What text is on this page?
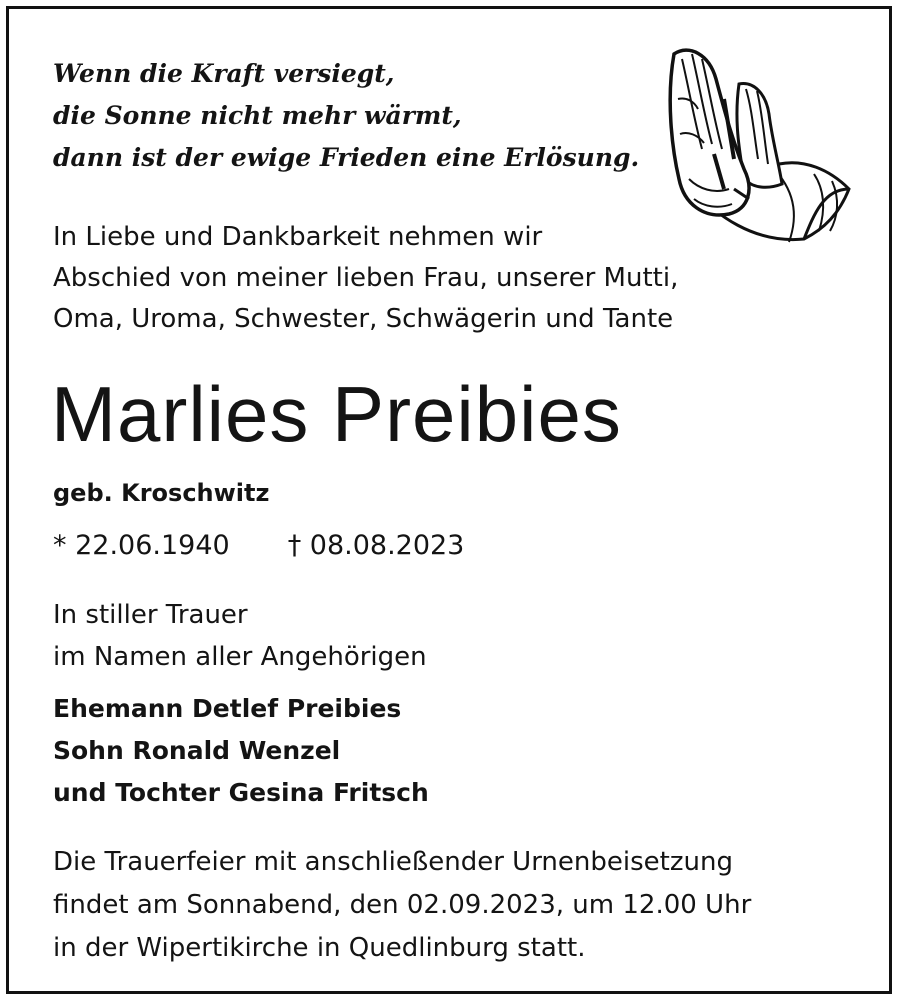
Wenn die Kraft versiegt,
die Sonne nicht mehr wärmt,
dann ist der ewige Frieden eine Erlösung.
In Liebe und Dankbarkeit nehmen wir
Abschied von meiner lieben Frau, unserer Mutti,
Oma, Uroma, Schwester, Schwägerin und Tante
Marlies Preibies
geb. Kroschwitz
* 22.06.1940 † 08.08.2023
In stiller Trauer
im Namen aller Angehörigen
Ehemann Detlef Preibies
Sohn Ronald Wenzel
und Tochter Gesina Fritsch
Die Trauerfeier mit anschließender Urnenbeisetzung
findet am Sonnabend, den 02.09.2023, um 12.00 Uhr
in der Wipertikirche in Quedlinburg statt.
